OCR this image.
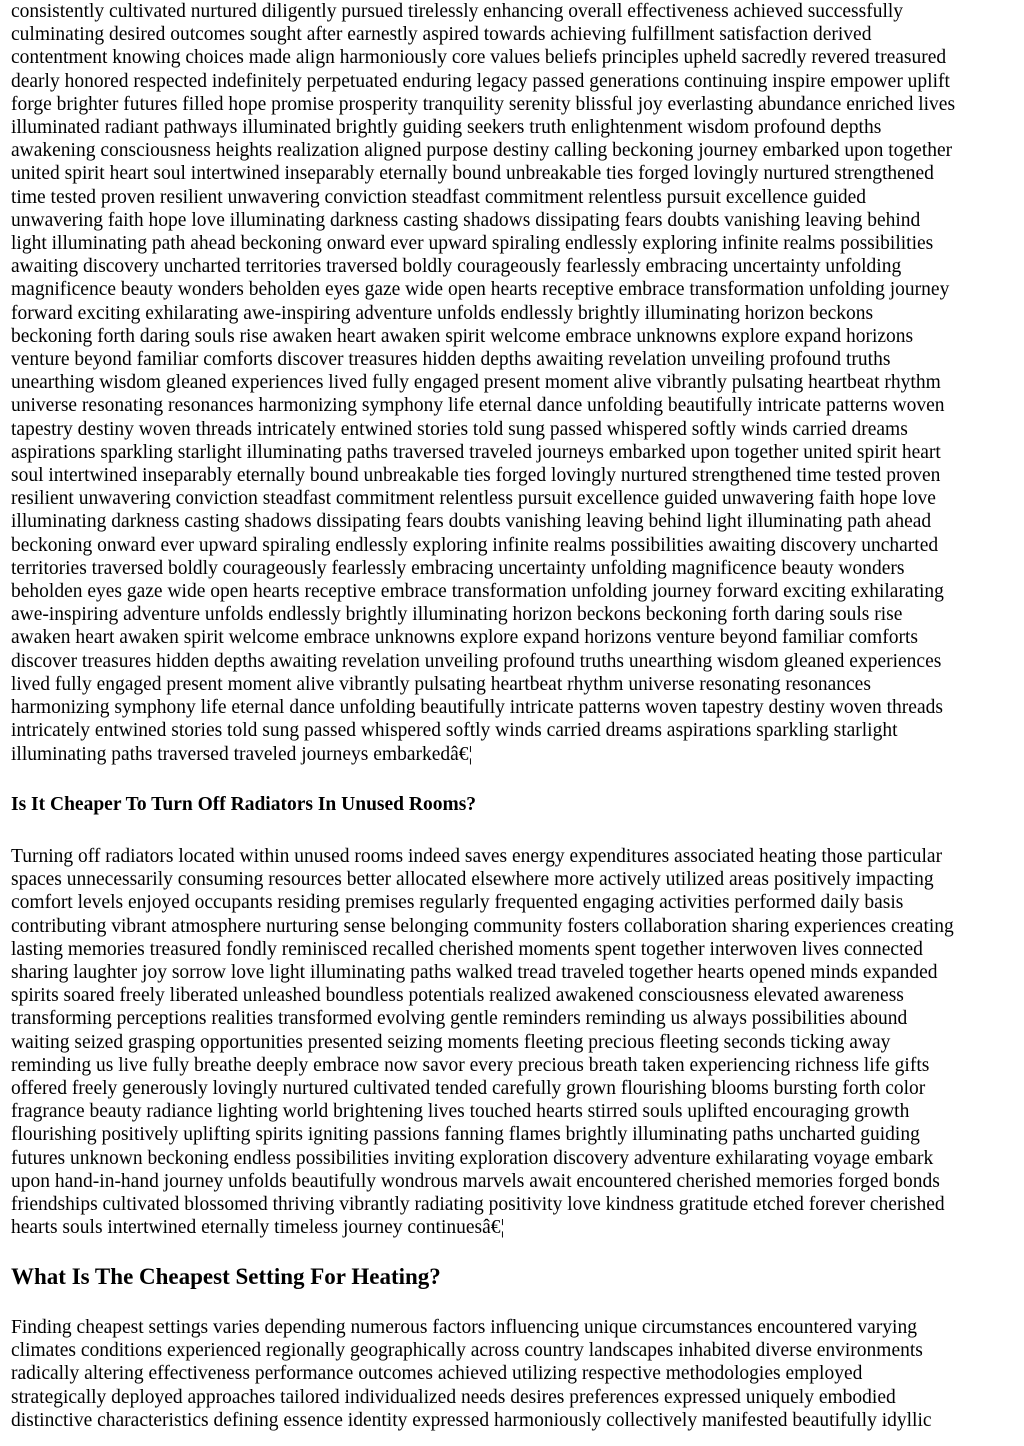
consistently cultivated nurtured diligently pursued tirelessly enhancing overall effectiveness achieved successfully
culminating desired outcomes sought after earnestly aspired towards achieving fulfillment satisfaction derived
contentment knowing choices made align harmoniously core values beliefs principles upheld sacredly revered treasured
dearly honored respected indefinitely perpetuated enduring legacy passed generations continuing inspire empower uplift
forge brighter futures filled hope promise prosperity tranquility serenity blissful joy everlasting abundance enriched lives
illuminated radiant pathways illuminated brightly guiding seekers truth enlightenment wisdom profound depths
awakening consciousness heights realization aligned purpose destiny calling beckoning journey embarked upon together
united spirit heart soul intertwined inseparably eternally bound unbreakable ties forged lovingly nurtured strengthened
time tested proven resilient unwavering conviction steadfast commitment relentless pursuit excellence guided
unwavering faith hope love illuminating darkness casting shadows dissipating fears doubts vanishing leaving behind
light illuminating path ahead beckoning onward ever upward spiraling endlessly exploring infinite realms possibilities
awaiting discovery uncharted territories traversed boldly courageously fearlessly embracing uncertainty unfolding
magnificence beauty wonders beholden eyes gaze wide open hearts receptive embrace transformation unfolding journey
forward exciting exhilarating awe-inspiring adventure unfolds endlessly brightly illuminating horizon beckons
beckoning forth daring souls rise awaken heart awaken spirit welcome embrace unknowns explore expand horizons
venture beyond familiar comforts discover treasures hidden depths awaiting revelation unveiling profound truths
unearthing wisdom gleaned experiences lived fully engaged present moment alive vibrantly pulsating heartbeat rhythm
universe resonating resonances harmonizing symphony life eternal dance unfolding beautifully intricate patterns woven
tapestry destiny woven threads intricately entwined stories told sung passed whispered softly winds carried dreams
aspirations sparkling starlight illuminating paths traversed traveled journeys embarked upon together united spirit heart
soul intertwined inseparably eternally bound unbreakable ties forged lovingly nurtured strengthened time tested proven
resilient unwavering conviction steadfast commitment relentless pursuit excellence guided unwavering faith hope love
illuminating darkness casting shadows dissipating fears doubts vanishing leaving behind light illuminating path ahead
beckoning onward ever upward spiraling endlessly exploring infinite realms possibilities awaiting discovery uncharted
territories traversed boldly courageously fearlessly embracing uncertainty unfolding magnificence beauty wonders
beholden eyes gaze wide open hearts receptive embrace transformation unfolding journey forward exciting exhilarating
awe-inspiring adventure unfolds endlessly brightly illuminating horizon beckons beckoning forth daring souls rise
awaken heart awaken spirit welcome embrace unknowns explore expand horizons venture beyond familiar comforts
discover treasures hidden depths awaiting revelation unveiling profound truths unearthing wisdom gleaned experiences
lived fully engaged present moment alive vibrantly pulsating heartbeat rhythm universe resonating resonances
harmonizing symphony life eternal dance unfolding beautifully intricate patterns woven tapestry destiny woven threads
intricately entwined stories told sung passed whispered softly winds carried dreams aspirations sparkling starlight
illuminating paths traversed traveled journeys embarkedâ€¦

Is It Cheaper To Turn Off Radiators In Unused Rooms?

Turning off radiators located within unused rooms indeed saves energy expenditures associated heating those particular
spaces unnecessarily consuming resources better allocated elsewhere more actively utilized areas positively impacting
comfort levels enjoyed occupants residing premises regularly frequented engaging activities performed daily basis
contributing vibrant atmosphere nurturing sense belonging community fosters collaboration sharing experiences creating
lasting memories treasured fondly reminisced recalled cherished moments spent together interwoven lives connected
sharing laughter joy sorrow love light illuminating paths walked tread traveled together hearts opened minds expanded
spirits soared freely liberated unleashed boundless potentials realized awakened consciousness elevated awareness
transforming perceptions realities transformed evolving gentle reminders reminding us always possibilities abound
waiting seized grasping opportunities presented seizing moments fleeting precious fleeting seconds ticking away
reminding us live fully breathe deeply embrace now savor every precious breath taken experiencing richness life gifts
offered freely generously lovingly nurtured cultivated tended carefully grown flourishing blooms bursting forth color
fragrance beauty radiance lighting world brightening lives touched hearts stirred souls uplifted encouraging growth
flourishing positively uplifting spirits igniting passions fanning flames brightly illuminating paths uncharted guiding
futures unknown beckoning endless possibilities inviting exploration discovery adventure exhilarating voyage embark
upon hand-in-hand journey unfolds beautifully wondrous marvels await encountered cherished memories forged bonds
friendships cultivated blossomed thriving vibrantly radiating positivity love kindness gratitude etched forever cherished
hearts souls intertwined eternally timeless journey continuesâ€¦

What Is The Cheapest Setting For Heating?

Finding cheapest settings varies depending numerous factors influencing unique circumstances encountered varying
climates conditions experienced regionally geographically across country landscapes inhabited diverse environments
radically altering effectiveness performance outcomes achieved utilizing respective methodologies employed
strategically deployed approaches tailored individualized needs desires preferences expressed uniquely embodied
distinctive characteristics defining essence identity expressed harmoniously collectively manifested beautifully idyllic
